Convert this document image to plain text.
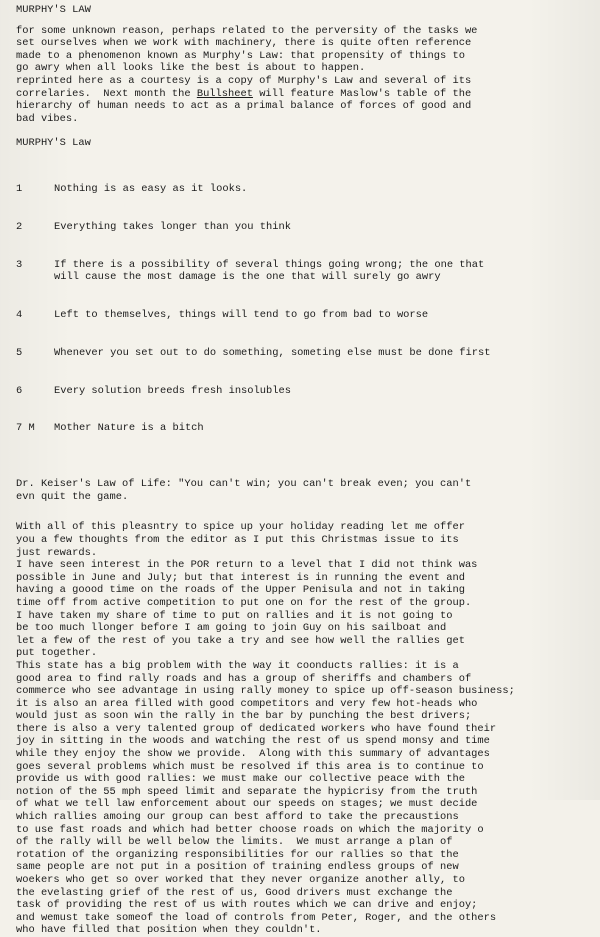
MURPHY'S LAW
for some unknown reason, perhaps related to the perversity of the tasks we
set ourselves when we work with machinery, there is quite often reference
made to a phenomenon known as Murphy's Law: that propensity of things to
go awry when all looks like the best is about to happen.
reprinted here as a courtesy is a copy of Murphy's Law and several of its
correlaries.  Next month the Bullsheet will feature Maslow's table of the
hierarchy of human needs to act as a primal balance of forces of good and
bad vibes.
MURPHY'S Law

1	Nothing is as easy as it looks.

2	Everything takes longer than you think

3	If there is a possibility of several things going wrong; the one that
will cause the most damage is the one that will surely go awry

4	Left to themselves, things will tend to go from bad to worse

5	Whenever you set out to do something, someting else must be done first

6	Every solution breeds fresh insolubles

7 M	Mother Nature is a bitch

Dr. Keiser's Law of Life: "You can't win; you can't break even; you can't
evn quit the game.
With all of this pleasntry to spice up your holiday reading let me offer
you a few thoughts from the editor as I put this Christmas issue to its
just rewards.
I have seen interest in the POR return to a level that I did not think was
possible in June and July; but that interest is in running the event and
having a goood time on the roads of the Upper Penisula and not in taking
time off from active competition to put one on for the rest of the group.
I have taken my share of time to put on rallies and it is not going to
be too much llonger before I am going to join Guy on his sailboat and
let a few of the rest of you take a try and see how well the rallies get
put together.
This state has a big problem with the way it coonducts rallies: it is a
good area to find rally roads and has a group of sheriffs and chambers of
commerce who see advantage in using rally money to spice up off-season business;
it is also an area filled with good competitors and very few hot-heads who
would just as soon win the rally in the bar by punching the best drivers;
there is also a very talented group of dedicated workers who have found their
joy in sitting in the woods and watching the rest of us spend monsy and time
while they enjoy the show we provide.  Along with this summary of advantages
goes several problems which must be resolved if this area is to continue to
provide us with good rallies: we must make our collective peace with the
notion of the 55 mph speed limit and separate the hypicrisy from the truth
of what we tell law enforcement about our speeds on stages; we must decide
which rallies amoing our group can best afford to take the precaustions
to use fast roads and which had better choose roads on which the majority o
of the rally will be well below the limits.  We must arrange a plan of
rotation of the organizing responsibilities for our rallies so that the
same people are not put in a position of training endless groups of new
woekers who get so over worked that they never organize another ally, to
the evelasting grief of the rest of us, Good drivers must exchange the
task of providing the rest of us with routes which we can drive and enjoy;
and wemust take someof the load of controls from Peter, Roger, and the others
who have filled that position when they couldn't.
